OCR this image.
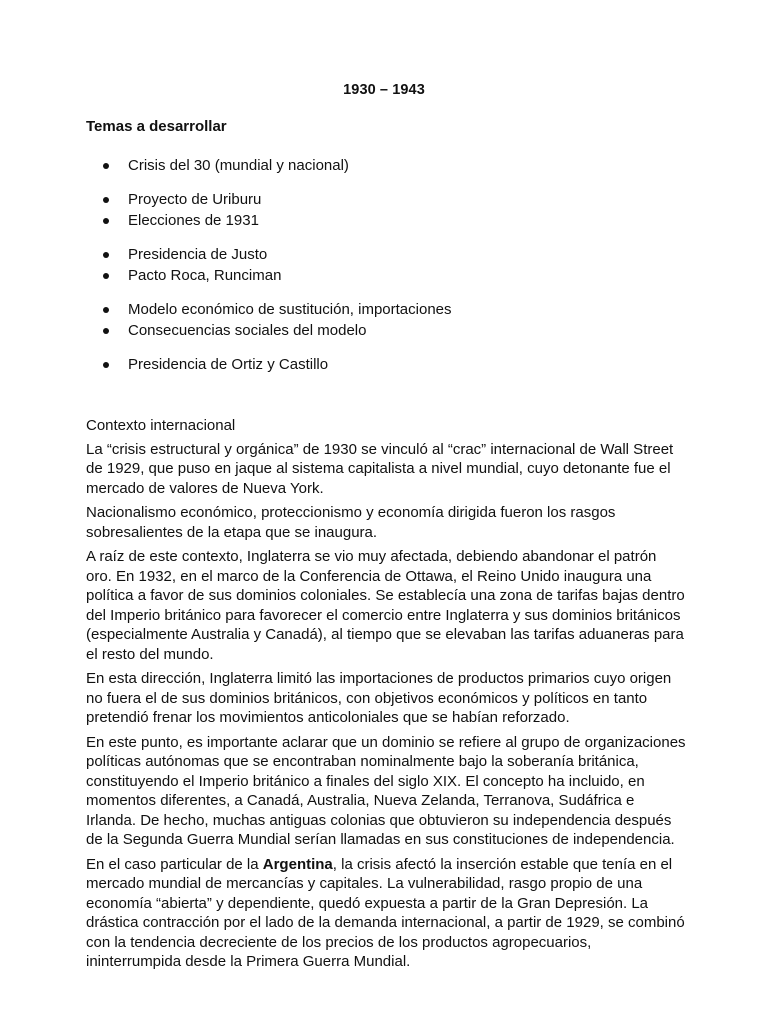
1930 – 1943
Temas a desarrollar
Crisis del 30 (mundial y nacional)
Proyecto de Uriburu
Elecciones de 1931
Presidencia de Justo
Pacto Roca, Runciman
Modelo económico de sustitución, importaciones
Consecuencias sociales del modelo
Presidencia de Ortiz y Castillo
Contexto internacional

La “crisis estructural y orgánica” de 1930 se vinculó al “crac” internacional de Wall Street de 1929, que puso en jaque al sistema capitalista a nivel mundial, cuyo detonante fue el mercado de valores de Nueva York.

Nacionalismo económico, proteccionismo y economía dirigida fueron los rasgos sobresalientes de la etapa que se inaugura.

A raíz de este contexto, Inglaterra se vio muy afectada, debiendo abandonar el patrón oro. En 1932, en el marco de la Conferencia de Ottawa, el Reino Unido inaugura una política a favor de sus dominios coloniales. Se establecía una zona de tarifas bajas dentro del Imperio británico para favorecer el comercio entre Inglaterra y sus dominios británicos (especialmente Australia y Canadá), al tiempo que se elevaban las tarifas aduaneras para el resto del mundo.

En esta dirección, Inglaterra limitó las importaciones de productos primarios cuyo origen no fuera el de sus dominios británicos, con objetivos económicos y políticos en tanto pretendió frenar los movimientos anticoloniales que se habían reforzado.

En este punto, es importante aclarar que un dominio se refiere al grupo de organizaciones políticas autónomas que se encontraban nominalmente bajo la soberanía británica, constituyendo el Imperio británico a finales del siglo XIX. El concepto ha incluido, en momentos diferentes, a Canadá, Australia, Nueva Zelanda, Terranova, Sudáfrica e Irlanda. De hecho, muchas antiguas colonias que obtuvieron su independencia después de la Segunda Guerra Mundial serían llamadas en sus constituciones de independencia.

En el caso particular de la Argentina, la crisis afectó la inserción estable que tenía en el mercado mundial de mercancías y capitales. La vulnerabilidad, rasgo propio de una economía “abierta” y dependiente, quedó expuesta a partir de la Gran Depresión. La drástica contracción por el lado de la demanda internacional, a partir de 1929, se combinó con la tendencia decreciente de los precios de los productos agropecuarios, ininterrumpida desde la Primera Guerra Mundial.
